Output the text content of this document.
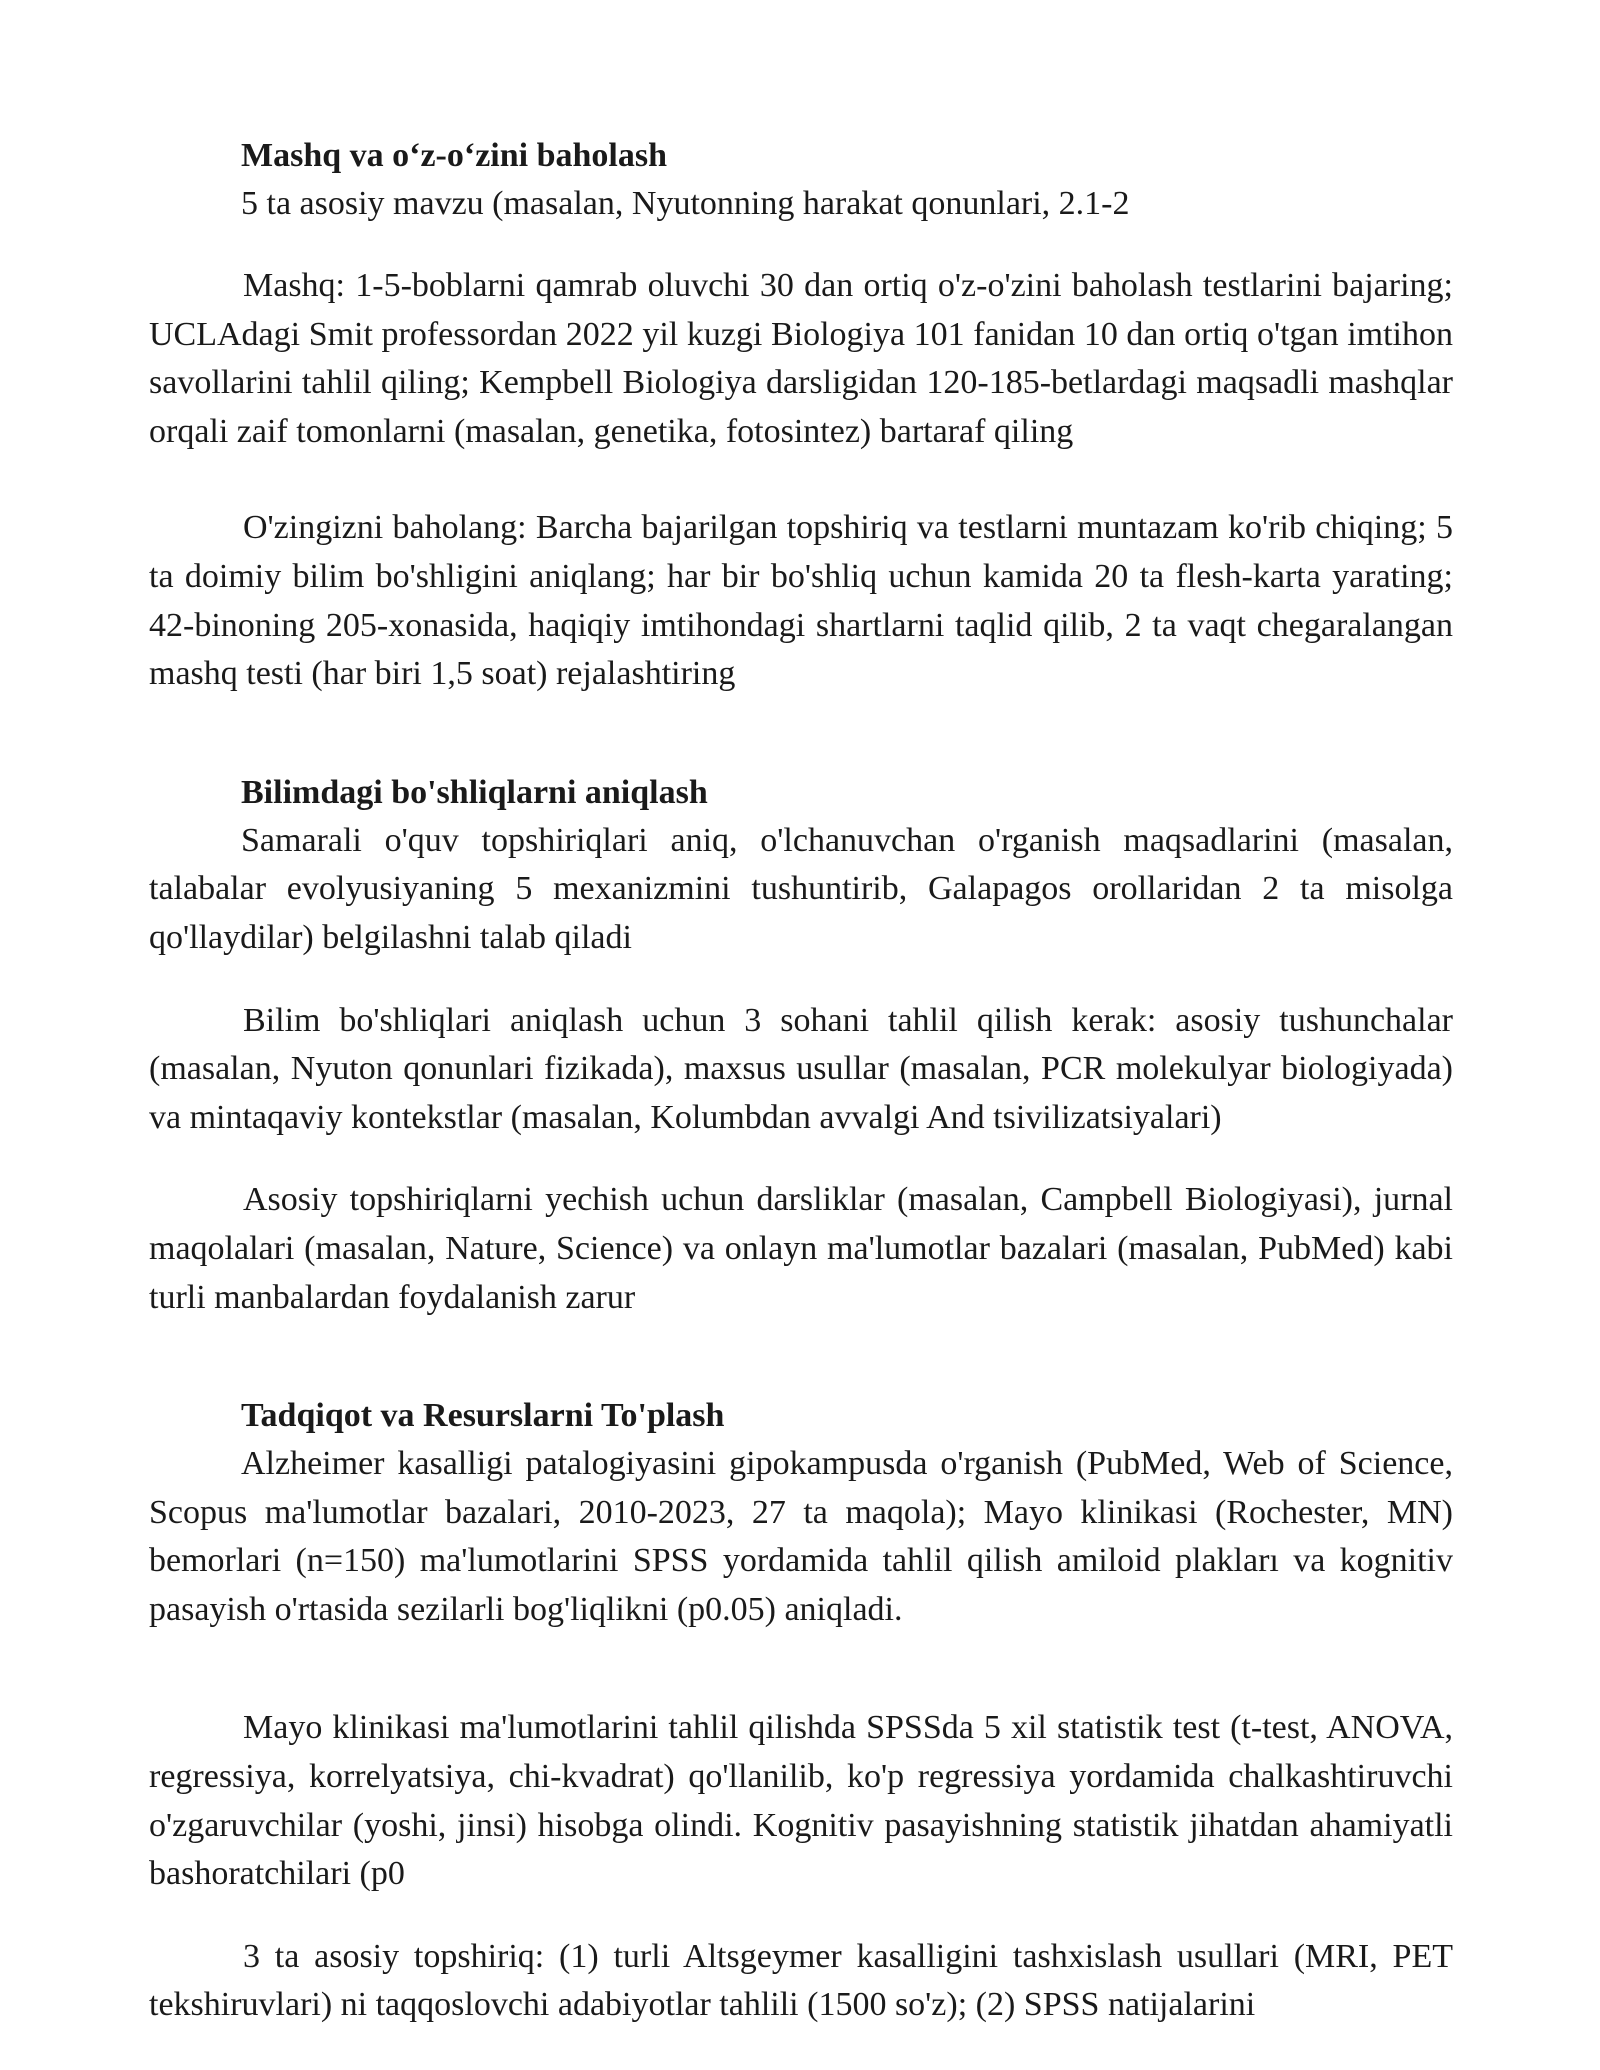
Mashq va o‘z-o‘zini baholash

5 ta asosiy mavzu (masalan, Nyutonning harakat qonunlari, 2.1-2

Mashq: 1-5-boblarni qamrab oluvchi 30 dan ortiq o'z-o'zini baholash testlarini bajaring; UCLAdagi Smit professordan 2022 yil kuzgi Biologiya 101 fanidan 10 dan ortiq o'tgan imtihon savollarini tahlil qiling; Kempbell Biologiya darsligidan 120-185-betlardagi maqsadli mashqlar orqali zaif tomonlarni (masalan, genetika, fotosintez) bartaraf qiling

O'zingizni baholang: Barcha bajarilgan topshiriq va testlarni muntazam ko'rib chiqing; 5 ta doimiy bilim bo'shligini aniqlang; har bir bo'shliq uchun kamida 20 ta flesh-karta yarating; 42-binoning 205-xonasida, haqiqiy imtihondagi shartlarni taqlid qilib, 2 ta vaqt chegaralangan mashq testi (har biri 1,5 soat) rejalashtiring

Bilimdagi bo'shliqlarni aniqlash

Samarali o'quv topshiriqlari aniq, o'lchanuvchan o'rganish maqsadlarini (masalan, talabalar evolyusiyaning 5 mexanizmini tushuntirib, Galapagos orollaridan 2 ta misolga qo'llaydilar) belgilashni talab qiladi

Bilim bo'shliqlari aniqlash uchun 3 sohani tahlil qilish kerak: asosiy tushunchalar (masalan, Nyuton qonunlari fizikada), maxsus usullar (masalan, PCR molekulyar biologiyada) va mintaqaviy kontekstlar (masalan, Kolumbdan avvalgi And tsivilizatsiyalari)

Asosiy topshiriqlarni yechish uchun darsliklar (masalan, Campbell Biologiyasi), jurnal maqolalari (masalan, Nature, Science) va onlayn ma'lumotlar bazalari (masalan, PubMed) kabi turli manbalardan foydalanish zarur

Tadqiqot va Resurslarni To'plash

Alzheimer kasalligi patalogiyasini gipokampusda o'rganish (PubMed, Web of Science, Scopus ma'lumotlar bazalari, 2010-2023, 27 ta maqola); Mayo klinikasi (Rochester, MN) bemorlari (n=150) ma'lumotlarini SPSS yordamida tahlil qilish amiloid plakları va kognitiv pasayish o'rtasida sezilarli bog'liqlikni (p0.05) aniqladi.

Mayo klinikasi ma'lumotlarini tahlil qilishda SPSSda 5 xil statistik test (t-test, ANOVA, regressiya, korrelyatsiya, chi-kvadrat) qo'llanilib, ko'p regressiya yordamida chalkashtiruvchi o'zgaruvchilar (yoshi, jinsi) hisobga olindi. Kognitiv pasayishning statistik jihatdan ahamiyatli bashoratchilari (p0

3 ta asosiy topshiriq: (1) turli Altsgeymer kasalligini tashxislash usullari (MRI, PET tekshiruvlari) ni taqqoslovchi adabiyotlar tahlili (1500 so'z); (2) SPSS natijalarini
